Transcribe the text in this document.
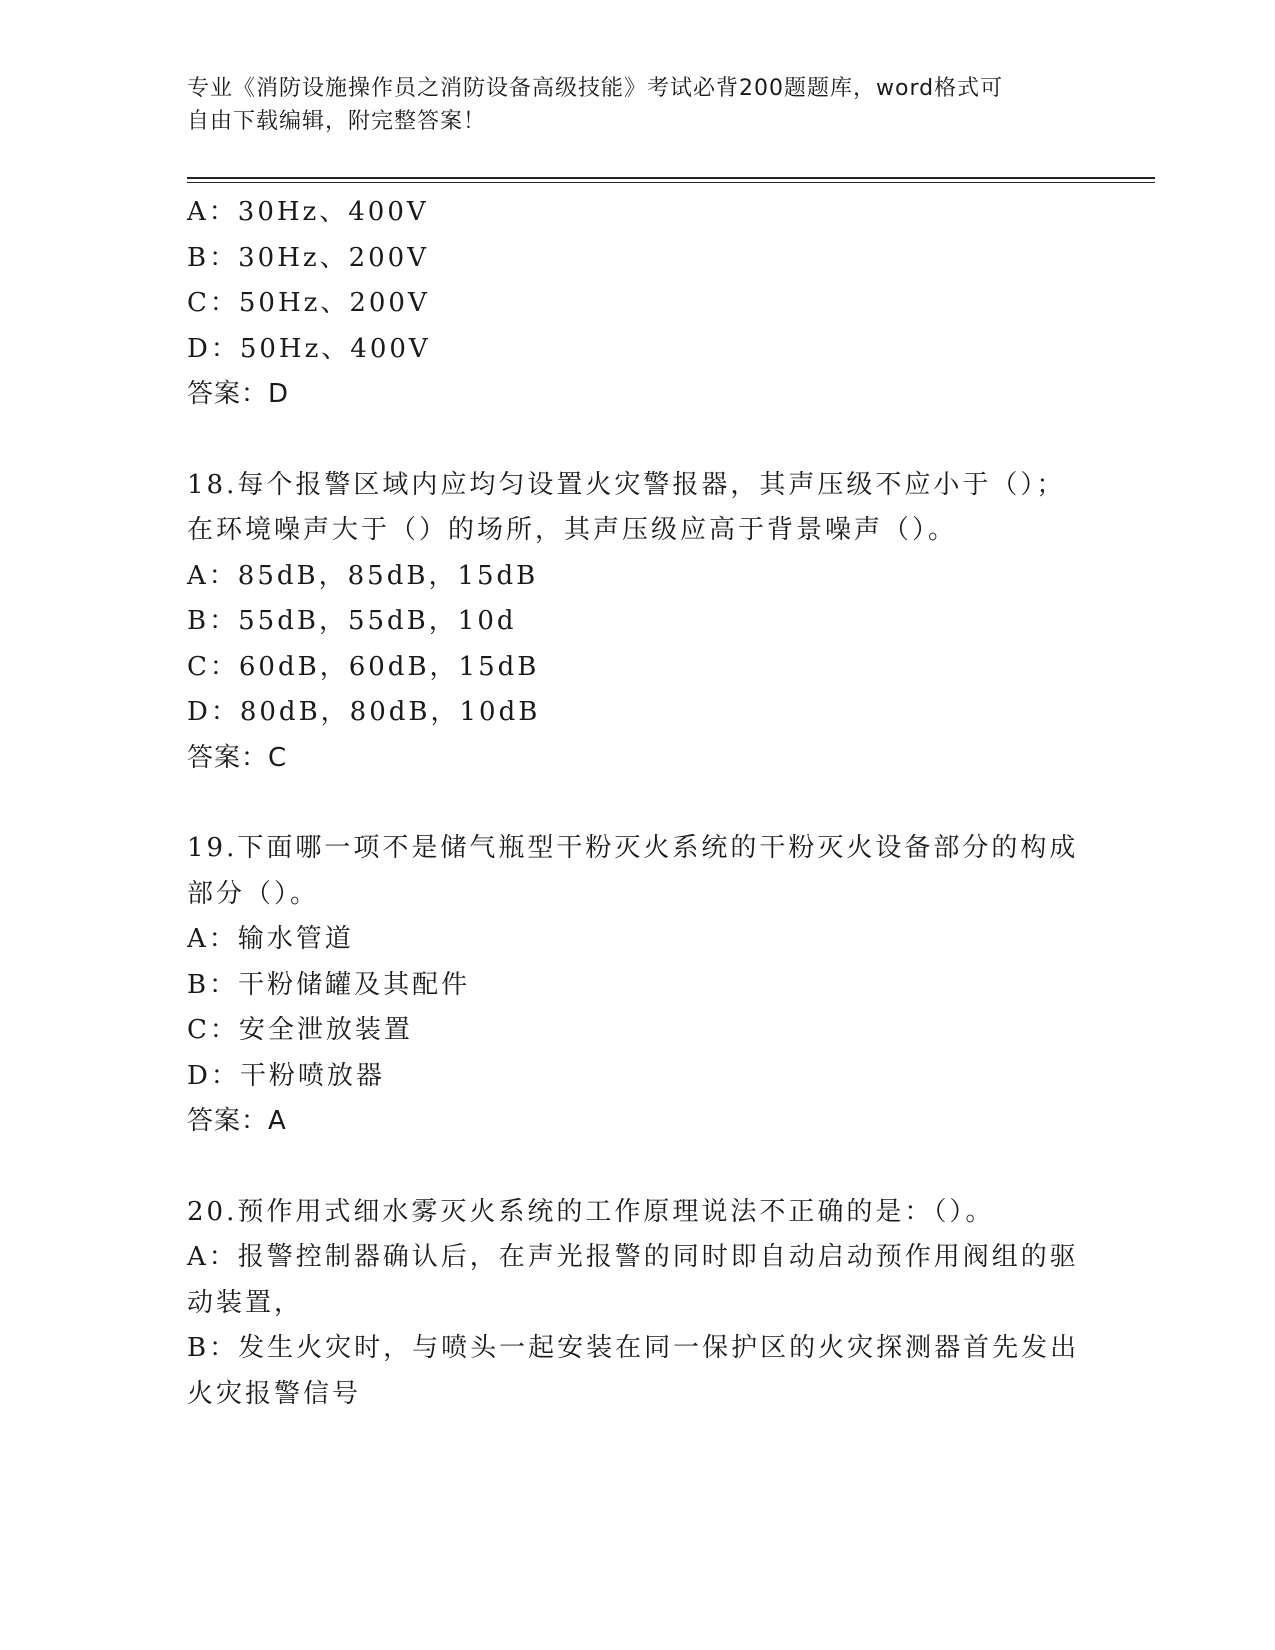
专业《消防设施操作员之消防设备高级技能》考试必背200题题库，word格式可
自由下载编辑，附完整答案！
A：30Hz、400V
B：30Hz、200V
C：50Hz、200V
D：50Hz、400V
答案：D
18.每个报警区域内应均匀设置火灾警报器，其声压级不应小于（）；
在环境噪声大于（）的场所，其声压级应高于背景噪声（）。
A：85dB，85dB，15dB
B：55dB，55dB，10d
C：60dB，60dB，15dB
D：80dB，80dB，10dB
答案：C
19.下面哪一项不是储气瓶型干粉灭火系统的干粉灭火设备部分的构成
部分（）。
A：输水管道
B：干粉储罐及其配件
C：安全泄放装置
D：干粉喷放器
答案：A
20.预作用式细水雾灭火系统的工作原理说法不正确的是：（）。
A：报警控制器确认后，在声光报警的同时即自动启动预作用阀组的驱
动装置，
B：发生火灾时，与喷头一起安装在同一保护区的火灾探测器首先发出
火灾报警信号
